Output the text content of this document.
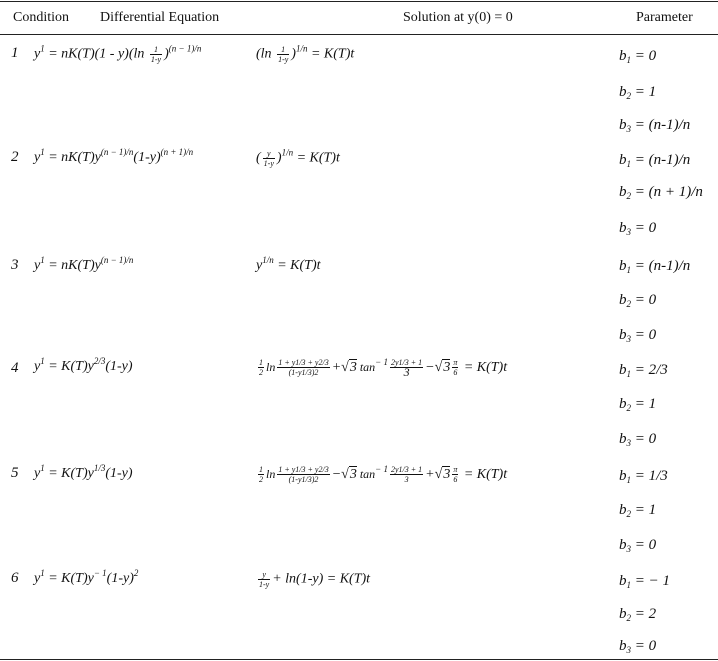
Condition Differential Equation	Solution at y(0) = 0	Parameter
1 $y^1 = nK(T)(1 - y)(\ln \frac{1}{1-y} )^{(n - 1)/n}$	$(\ln \frac{1}{1-y} )^{1/n} = K(T)t$	$b_1 = 0$
$b_2 = 1$
$b_3 = (n-1)/n$
2 $y^1 = nK(T)y^{(n - 1)/n}(1-y)^{(n + 1)/n}$	( $\frac{y}{1-y} )^{1/n} = K(T)t$	$b_1 = (n-1)/n$
$b_2 = (n + 1)/n$
$b_3 = 0$
3 $y^1 = nK(T)y^{(n - 1)/n}$	$y^{1/n} = K(T)t$	$b_1 = (n-1)/n$
$b_2 = 0$
$b_3 = 0$
4 $y^1 = K(T)y^{2/3}(1-y)$	$\frac{1}{2}$ $\ln \frac{1 + y1/3 + y2/3}{(1-y1/3)2} +√3$ $\tan^{- 1} \frac{2y1/3 + 1}{3} -√3 \frac{\pi}{6} = K(T)t$	$b_1 = 2/3$
$b_2 = 1$
$b_3 = 0$
5 $y^1 = K(T)y^{1/3}(1-y)$	$\frac{1}{2}$ $\ln \frac{1 + y1/3 + y2/3}{(1-y1/3)2} -√3$ $\tan^{- 1} \frac{2y1/3 + 1}{3} +√3 \frac{\pi}{6} = K(T)t$	$b_1 = 1/3$
$b_2 = 1$
$b_3 = 0$
6 $y^1 = K(T)y^{- 1}(1-y)^2$	$\frac{y}{1-y} + \ln(1-y) = K(T)t$	$b_1$ = − 1
$b_2 = 2$
$b_3 = 0$
